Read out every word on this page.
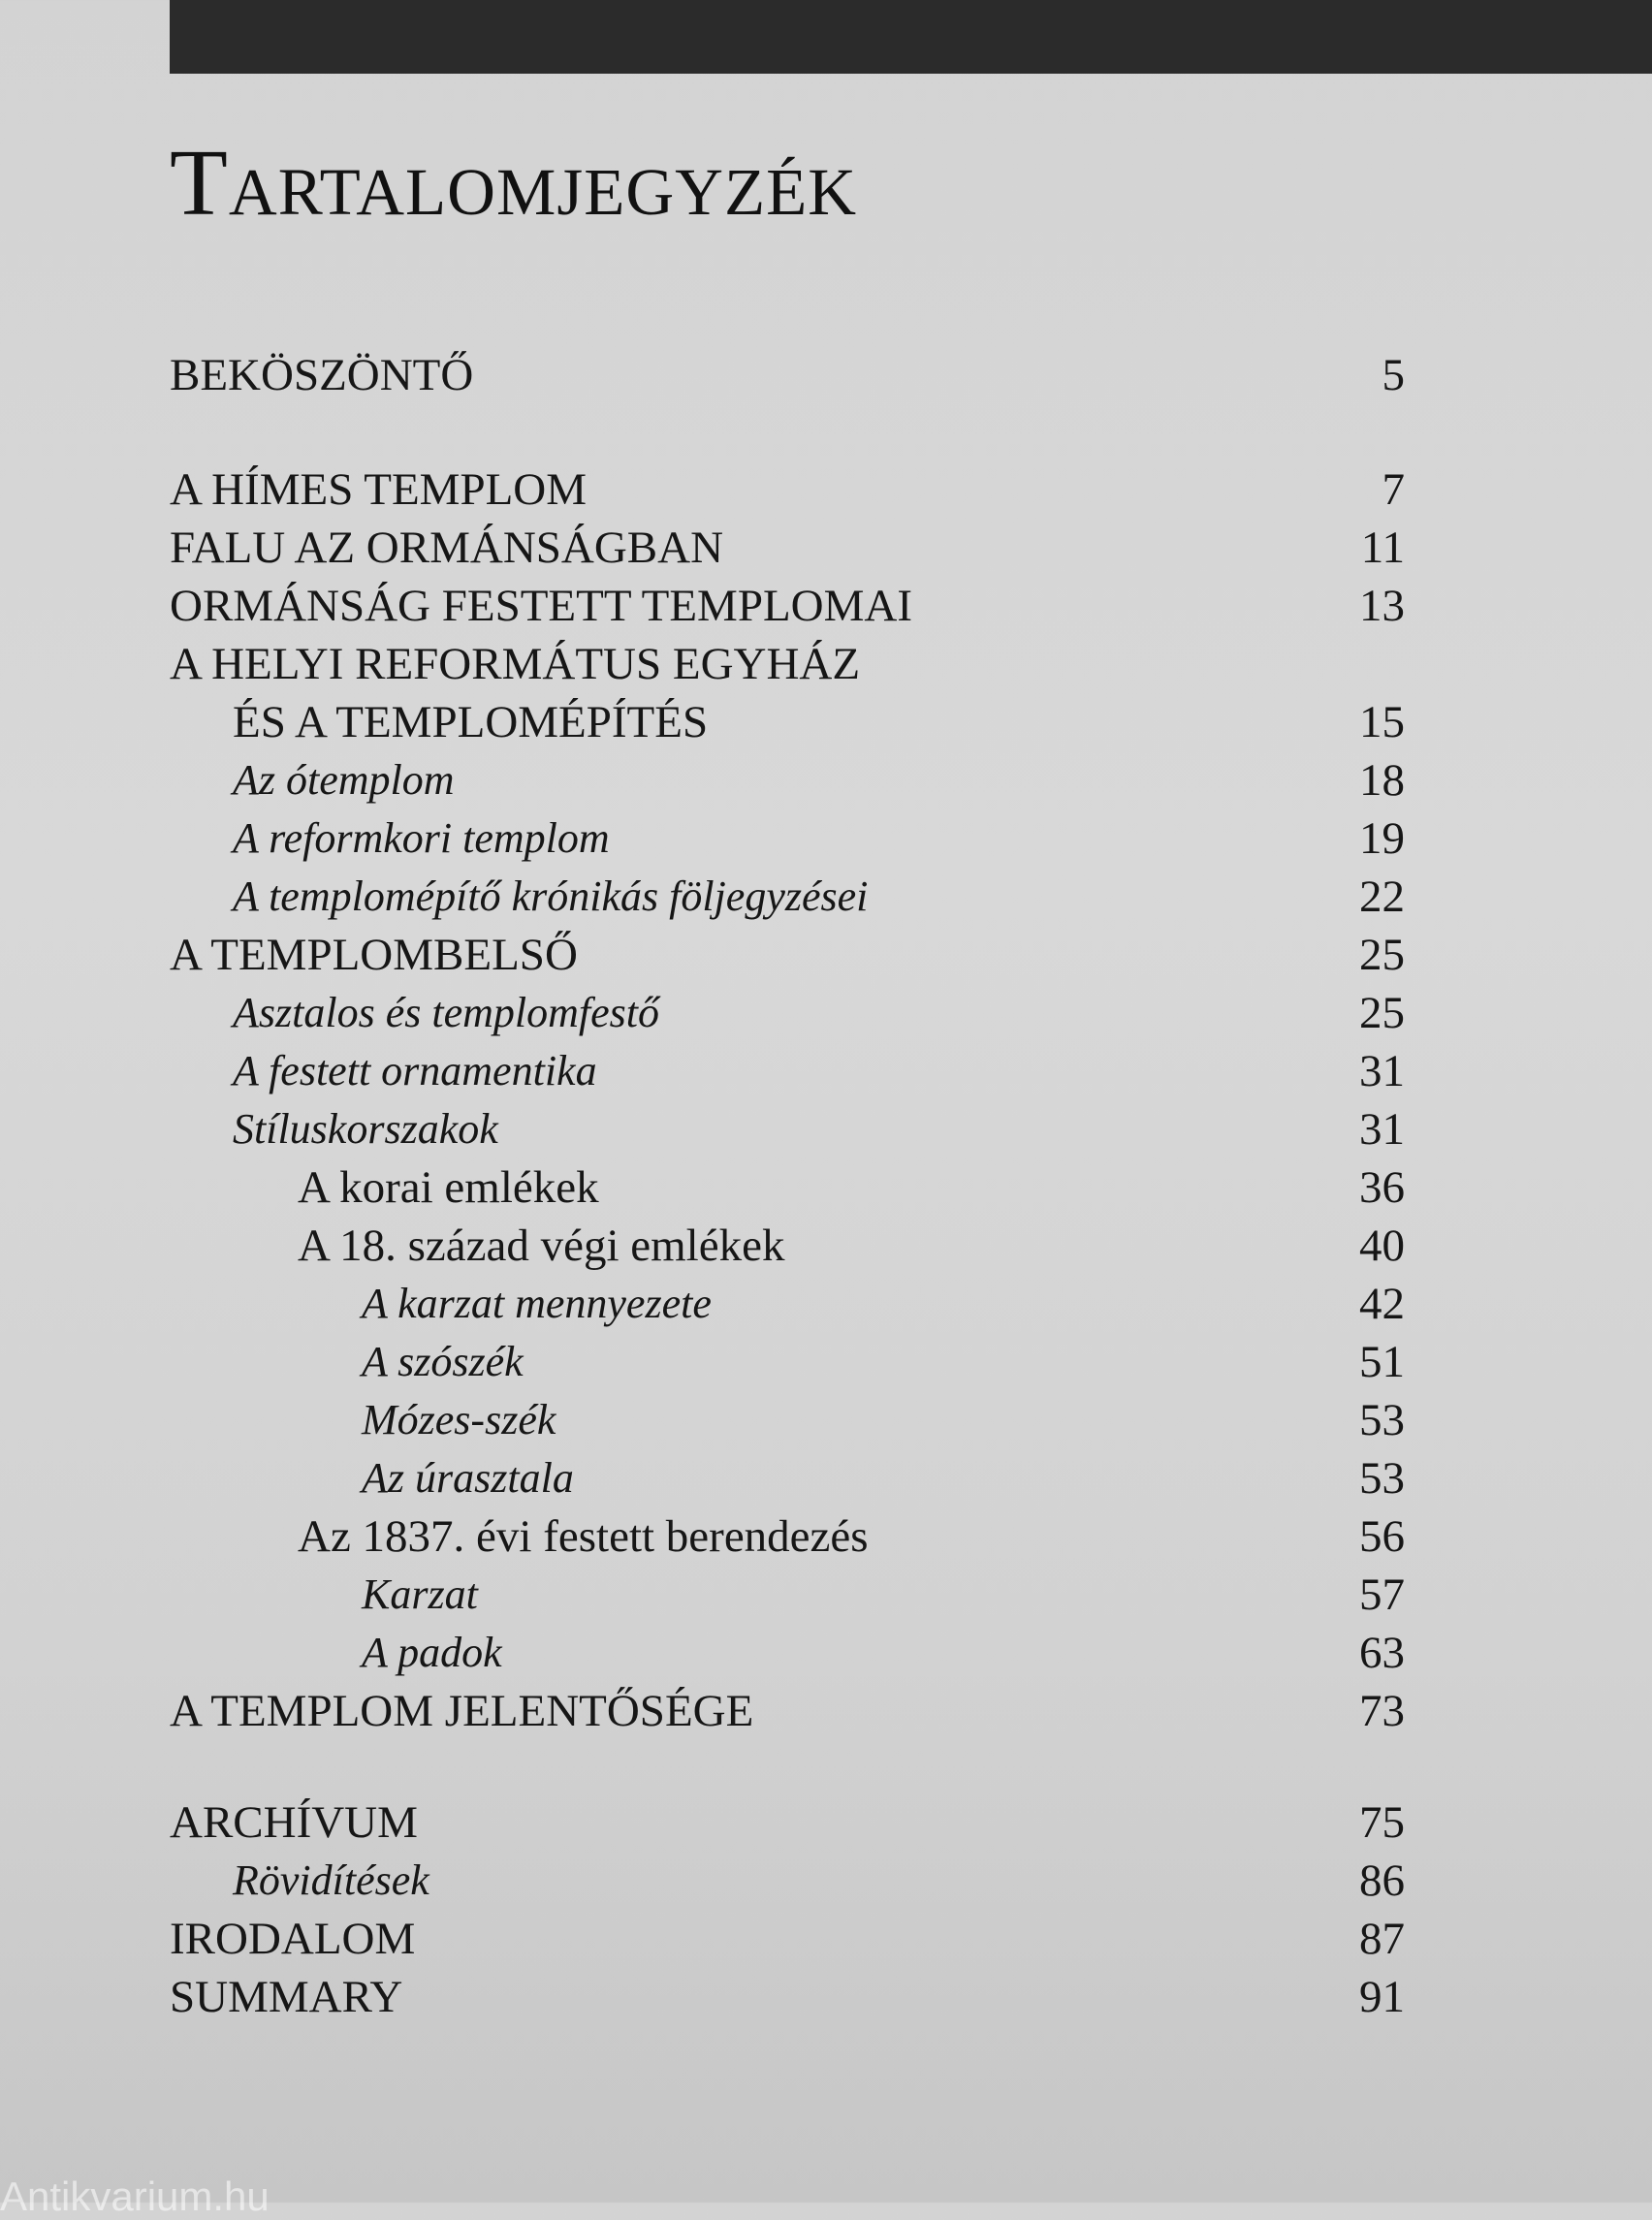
Tartalomjegyzék
BEKÖSZÖNTŐ	5
A HÍMES TEMPLOM	7
FALU AZ ORMÁNSÁGBAN	11
ORMÁNSÁG FESTETT TEMPLOMAI	13
A HELYI REFORMÁTUS EGYHÁZ
ÉS A TEMPLOMÉPÍTÉS	15
Az ótemplom	18
A reformkori templom	19
A templomépítő krónikás följegyzései	22
A TEMPLOMBELSŐ	25
Asztalos és templomfestő	25
A festett ornamentika	31
Stíluskorszakok	31
A korai emlékek	36
A 18. század végi emlékek	40
A karzat mennyezete	42
A szószék	51
Mózes-szék	53
Az úrasztala	53
Az 1837. évi festett berendezés	56
Karzat	57
A padok	63
A TEMPLOM JELENTŐSÉGE	73
ARCHÍVUM	75
Rövidítések	86
IRODALOM	87
SUMMARY	91
Antikvarium.hu
